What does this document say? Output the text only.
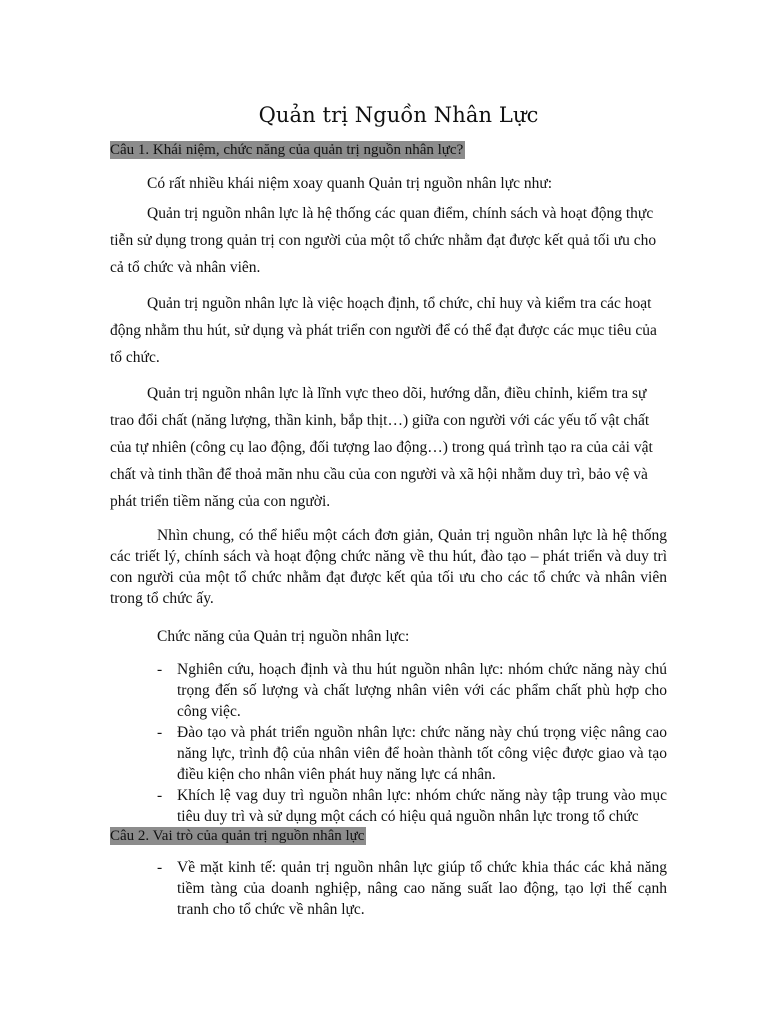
Quản trị Nguồn Nhân Lực
Câu 1. Khái niệm, chức năng của quản trị nguồn nhân lực?

Có rất nhiều khái niệm xoay quanh Quản trị nguồn nhân lực như:

Quản trị nguồn nhân lực là hệ thống các quan điểm, chính sách và hoạt động thực tiễn sử dụng trong quản trị con người của một tổ chức nhằm đạt được kết quả tối ưu cho cả tổ chức và nhân viên.

Quản trị nguồn nhân lực là việc hoạch định, tổ chức, chỉ huy và kiểm tra các hoạt động nhằm thu hút, sử dụng và phát triển con người để có thể đạt được các mục tiêu của tổ chức.

Quản trị nguồn nhân lực là lĩnh vực theo dõi, hướng dẫn, điều chỉnh, kiểm tra sự trao đổi chất (năng lượng, thần kinh, bắp thịt…) giữa con người với các yếu tố vật chất của tự nhiên (công cụ lao động, đối tượng lao động…) trong quá trình tạo ra của cải vật chất và tinh thần để thoả mãn nhu cầu của con người và xã hội nhằm duy trì, bảo vệ và phát triển tiềm năng của con người.

Nhìn chung, có thể hiểu một cách đơn giản, Quản trị nguồn nhân lực là hệ thống các triết lý, chính sách và hoạt động chức năng về thu hút, đào tạo – phát triển và duy trì con người của một tổ chức nhằm đạt được kết qủa tối ưu cho các tổ chức và nhân viên trong tổ chức ấy.

Chức năng của Quản trị nguồn nhân lực:

- Nghiên cứu, hoạch định và thu hút nguồn nhân lực: nhóm chức năng này chú trọng đến số lượng và chất lượng nhân viên với các phẩm chất phù hợp cho công việc.
- Đào tạo và phát triển nguồn nhân lực: chức năng này chú trọng việc nâng cao năng lực, trình độ của nhân viên để hoàn thành tốt công việc được giao và tạo điều kiện cho nhân viên phát huy năng lực cá nhân.
- Khích lệ vag duy trì nguồn nhân lực: nhóm chức năng này tập trung vào mục tiêu duy trì và sử dụng một cách có hiệu quả nguồn nhân lực trong tổ chức
Câu 2. Vai trò của quản trị nguồn nhân lực
- Về mặt kinh tế: quản trị nguồn nhân lực giúp tổ chức khia thác các khả năng tiềm tàng của doanh nghiệp, nâng cao năng suất lao động, tạo lợi thế cạnh tranh cho tổ chức về nhân lực.
